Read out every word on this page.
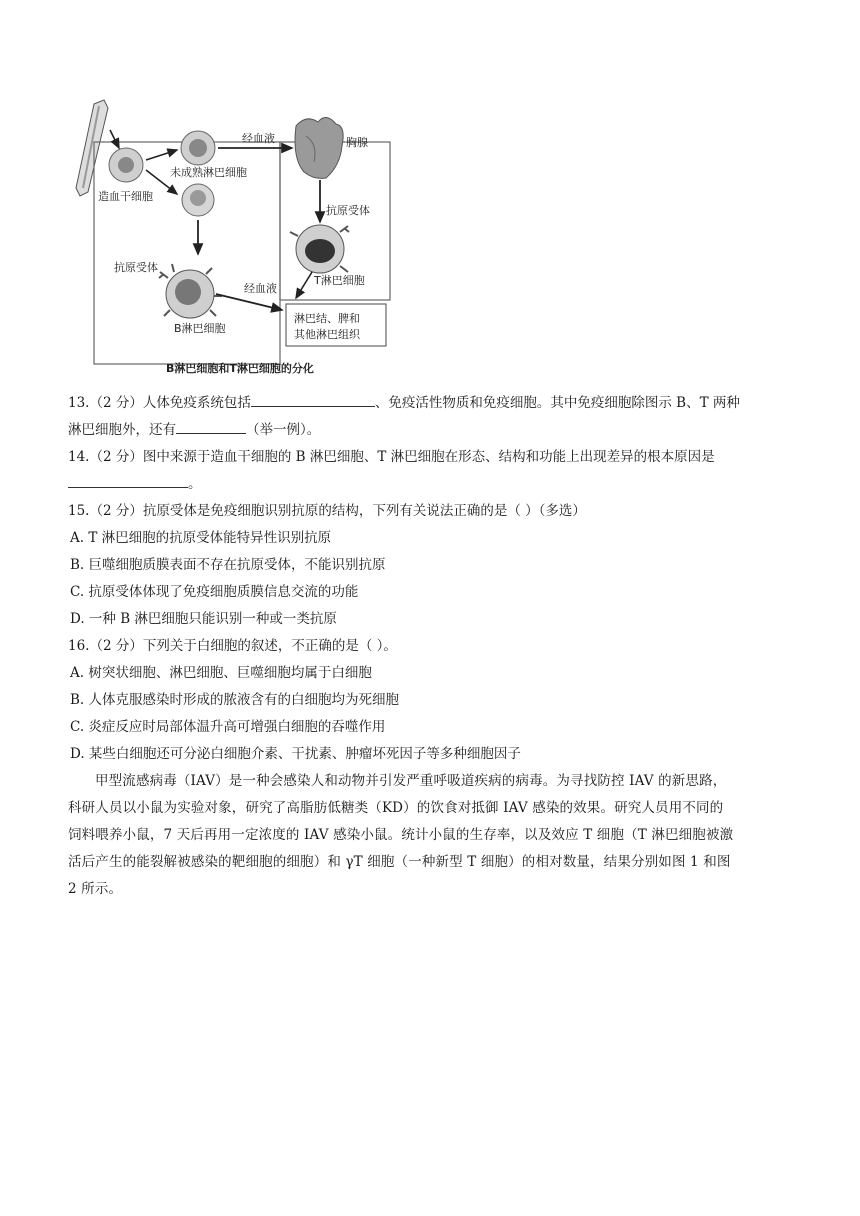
造血干细胞
未成熟淋巴细胞
经血液	胸腺
抗原受体
T淋巴细胞
抗原受体
B淋巴细胞
经血液
淋巴结、脾和
其他淋巴组织
B淋巴细胞和T淋巴细胞的分化
13.（2 分）人体免疫系统包括	、免疫活性物质和免疫细胞。其中免疫细胞除图示 B、T 两种
淋巴细胞外，还有	（举一例）。
14.（2 分）图中来源于造血干细胞的 B 淋巴细胞、T 淋巴细胞在形态、结构和功能上出现差异的根本原因是
。
15.（2 分）抗原受体是免疫细胞识别抗原的结构，下列有关说法正确的是（ ）（多选）
A. T 淋巴细胞的抗原受体能特异性识别抗原
B. 巨噬细胞质膜表面不存在抗原受体，不能识别抗原
C. 抗原受体体现了免疫细胞质膜信息交流的功能
D. 一种 B 淋巴细胞只能识别一种或一类抗原
16.（2 分）下列关于白细胞的叙述，不正确的是（ ）。
A. 树突状细胞、淋巴细胞、巨噬细胞均属于白细胞
B. 人体克服感染时形成的脓液含有的白细胞均为死细胞
C. 炎症反应时局部体温升高可增强白细胞的吞噬作用
D. 某些白细胞还可分泌白细胞介素、干扰素、肿瘤坏死因子等多种细胞因子
甲型流感病毒（IAV）是一种会感染人和动物并引发严重呼吸道疾病的病毒。为寻找防控 IAV 的新思路，
科研人员以小鼠为实验对象，研究了高脂肪低糖类（KD）的饮食对抵御 IAV 感染的效果。研究人员用不同的
饲料喂养小鼠，7 天后再用一定浓度的 IAV 感染小鼠。统计小鼠的生存率，以及效应 T 细胞（T 淋巴细胞被激
活后产生的能裂解被感染的靶细胞的细胞）和 γT 细胞（一种新型 T 细胞）的相对数量，结果分别如图 1 和图
2 所示。
